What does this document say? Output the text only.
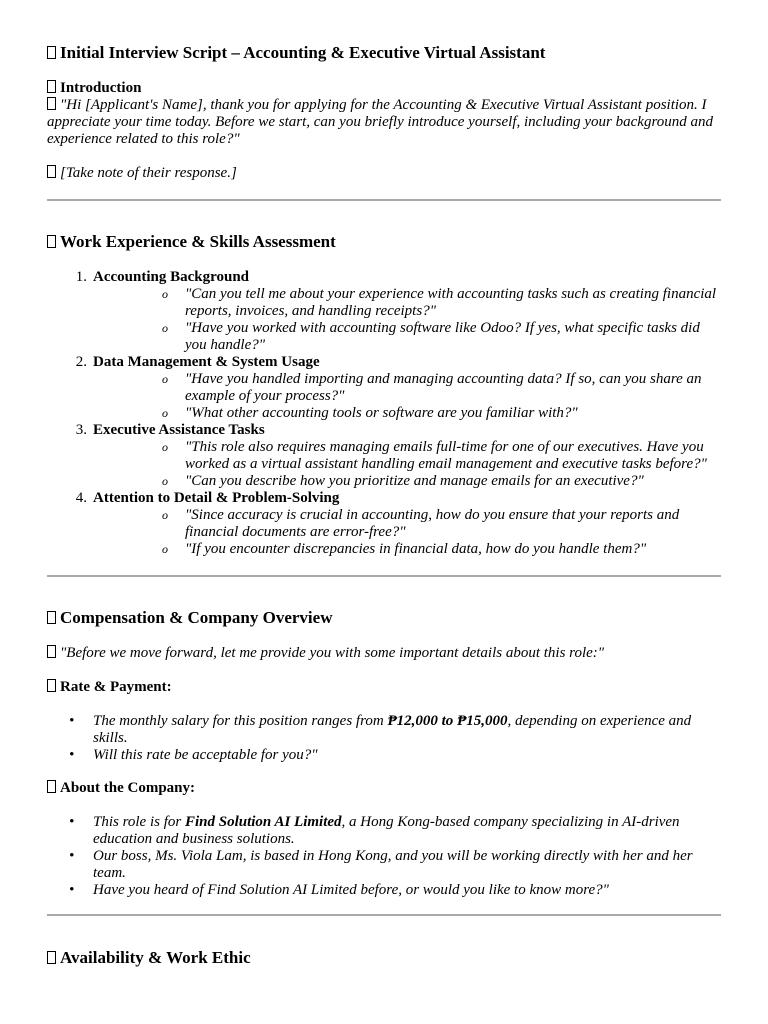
Initial Interview Script – Accounting & Executive Virtual Assistant
Introduction
"Hi [Applicant's Name], thank you for applying for the Accounting & Executive Virtual Assistant position. I appreciate your time today. Before we start, can you briefly introduce yourself, including your background and experience related to this role?"
[Take note of their response.]
Work Experience & Skills Assessment
1. Accounting Background
o "Can you tell me about your experience with accounting tasks such as creating financial reports, invoices, and handling receipts?"
o "Have you worked with accounting software like Odoo? If yes, what specific tasks did you handle?"
2. Data Management & System Usage
o "Have you handled importing and managing accounting data? If so, can you share an example of your process?"
o "What other accounting tools or software are you familiar with?"
3. Executive Assistance Tasks
o "This role also requires managing emails full-time for one of our executives. Have you worked as a virtual assistant handling email management and executive tasks before?"
o "Can you describe how you prioritize and manage emails for an executive?"
4. Attention to Detail & Problem-Solving
o "Since accuracy is crucial in accounting, how do you ensure that your reports and financial documents are error-free?"
o "If you encounter discrepancies in financial data, how do you handle them?"
Compensation & Company Overview
"Before we move forward, let me provide you with some important details about this role:"
Rate & Payment:
• The monthly salary for this position ranges from ₱12,000 to ₱15,000, depending on experience and skills.
• Will this rate be acceptable for you?"
About the Company:
• This role is for Find Solution AI Limited, a Hong Kong-based company specializing in AI-driven education and business solutions.
• Our boss, Ms. Viola Lam, is based in Hong Kong, and you will be working directly with her and her team.
• Have you heard of Find Solution AI Limited before, or would you like to know more?"
Availability & Work Ethic
